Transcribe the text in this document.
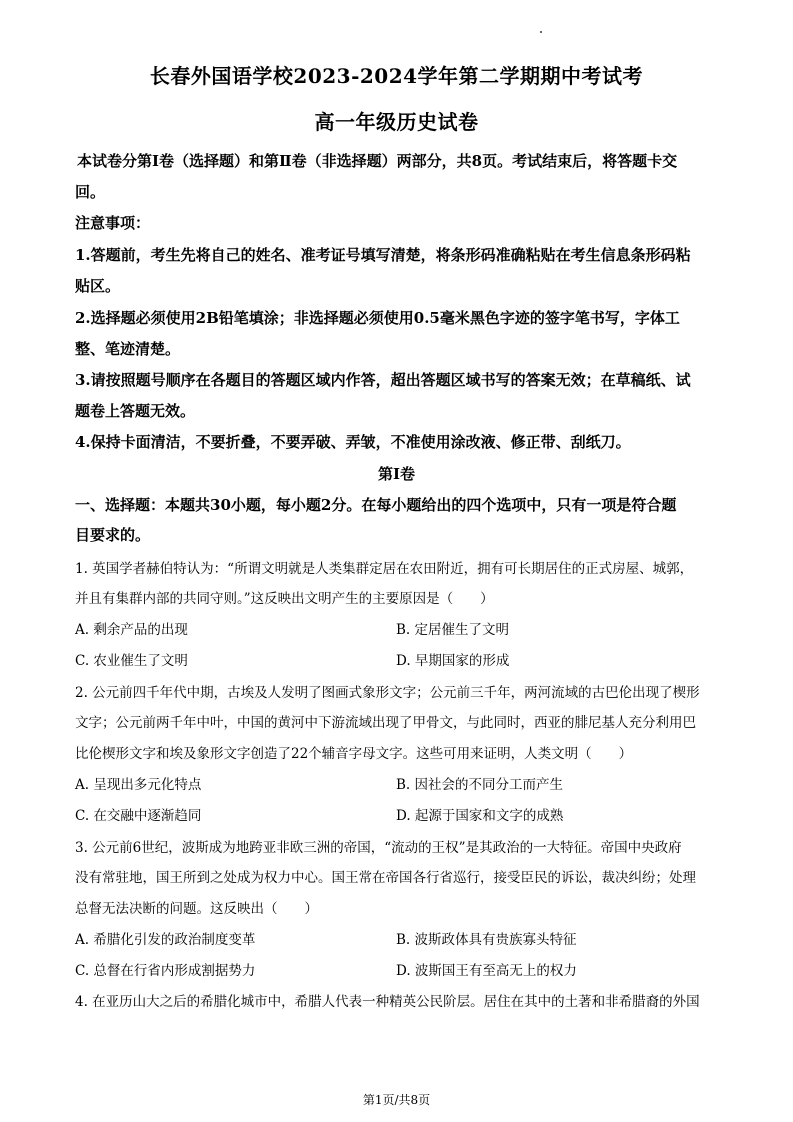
长春外国语学校2023-2024学年第二学期期中考试考
高一年级历史试卷
本试卷分第Ⅰ卷（选择题）和第Ⅱ卷（非选择题）两部分，共8页。考试结束后，将答题卡交
回。
注意事项：
1.答题前，考生先将自己的姓名、准考证号填写清楚，将条形码准确粘贴在考生信息条形码粘
贴区。
2.选择题必须使用2B铅笔填涂；非选择题必须使用0.5毫米黑色字迹的签字笔书写，字体工
整、笔迹清楚。
3.请按照题号顺序在各题目的答题区域内作答，超出答题区域书写的答案无效；在草稿纸、试
题卷上答题无效。
4.保持卡面清洁，不要折叠，不要弄破、弄皱，不准使用涂改液、修正带、刮纸刀。
第Ⅰ卷
一、选择题：本题共30小题，每小题2分。在每小题给出的四个选项中，只有一项是符合题
目要求的。
1. 英国学者赫伯特认为：“所谓文明就是人类集群定居在农田附近，拥有可长期居住的正式房屋、城郭，
并且有集群内部的共同守则。”这反映出文明产生的主要原因是（　　）
A. 剩余产品的出现	B. 定居催生了文明
C. 农业催生了文明	D. 早期国家的形成
2. 公元前四千年代中期，古埃及人发明了图画式象形文字；公元前三千年，两河流域的古巴伦出现了楔形
文字；公元前两千年中叶，中国的黄河中下游流域出现了甲骨文，与此同时，西亚的腓尼基人充分利用巴
比伦楔形文字和埃及象形文字创造了22个辅音字母文字。这些可用来证明，人类文明（　　）
A. 呈现出多元化特点	B. 因社会的不同分工而产生
C. 在交融中逐渐趋同	D. 起源于国家和文字的成熟
3. 公元前6世纪，波斯成为地跨亚非欧三洲的帝国，“流动的王权”是其政治的一大特征。帝国中央政府
没有常驻地，国王所到之处成为权力中心。国王常在帝国各行省巡行，接受臣民的诉讼，裁决纠纷；处理
总督无法决断的问题。这反映出（　　）
A. 希腊化引发的政治制度变革	B. 波斯政体具有贵族寡头特征
C. 总督在行省内形成割据势力	D. 波斯国王有至高无上的权力
4. 在亚历山大之后的希腊化城市中，希腊人代表一种精英公民阶层。居住在其中的土著和非希腊裔的外国
第1页/共8页
